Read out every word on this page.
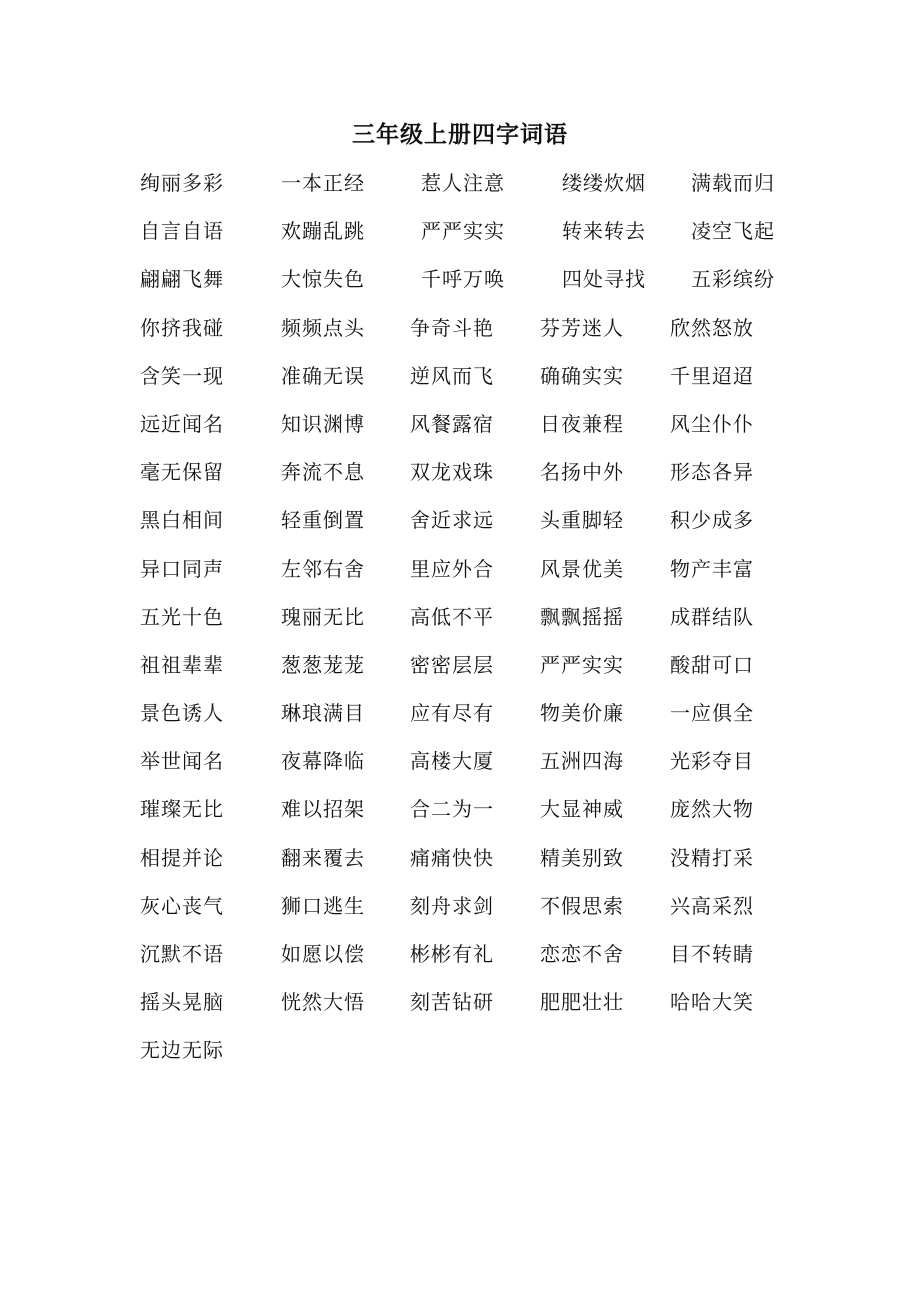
三年级上册四字词语
绚丽多彩	一本正经	惹人注意	缕缕炊烟 满载而归
自言自语	欢蹦乱跳	严严实实	转来转去 凌空飞起
翩翩飞舞	大惊失色	千呼万唤	四处寻找 五彩缤纷
你挤我碰	频频点头 争奇斗艳 芬芳迷人 欣然怒放
含笑一现	准确无误 逆风而飞 确确实实 千里迢迢
远近闻名	知识渊博 风餐露宿 日夜兼程 风尘仆仆
毫无保留	奔流不息 双龙戏珠 名扬中外 形态各异
黑白相间	轻重倒置 舍近求远 头重脚轻 积少成多
异口同声	左邻右舍 里应外合 风景优美 物产丰富
五光十色	瑰丽无比 高低不平 飘飘摇摇 成群结队
祖祖辈辈	葱葱茏茏 密密层层 严严实实 酸甜可口
景色诱人	琳琅满目 应有尽有 物美价廉 一应俱全
举世闻名	夜幕降临 高楼大厦 五洲四海 光彩夺目
璀璨无比	难以招架 合二为一 大显神威 庞然大物
相提并论	翻来覆去 痛痛快快 精美别致 没精打采
灰心丧气	狮口逃生 刻舟求剑 不假思索 兴高采烈
沉默不语	如愿以偿 彬彬有礼 恋恋不舍 目不转睛
摇头晃脑	恍然大悟 刻苦钻研 肥肥壮壮 哈哈大笑
无边无际
